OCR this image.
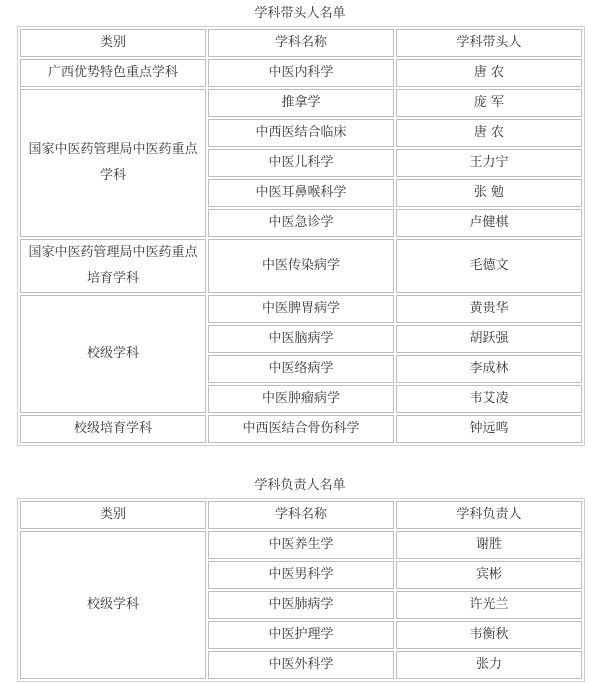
学科带头人名单
类别	学科名称	学科带头人
广西优势特色重点学科	中医内科学	唐 农
国家中医药管理局中医药重点学科	推拿学	庞 军
	中西医结合临床	唐 农
	中医儿科学	王力宁
	中医耳鼻喉科学	张 勉
	中医急诊学	卢健棋
国家中医药管理局中医药重点培育学科	中医传染病学	毛德文
校级学科	中医脾胃病学	黄贵华
	中医脑病学	胡跃强
	中医络病学	李成林
	中医肿瘤病学	韦艾凌
校级培育学科	中西医结合骨伤科学	钟远鸣
学科负责人名单
类别	学科名称	学科负责人
校级学科	中医养生学	谢胜
	中医男科学	宾彬
	中医肺病学	许光兰
	中医护理学	韦衡秋
	中医外科学	张力
